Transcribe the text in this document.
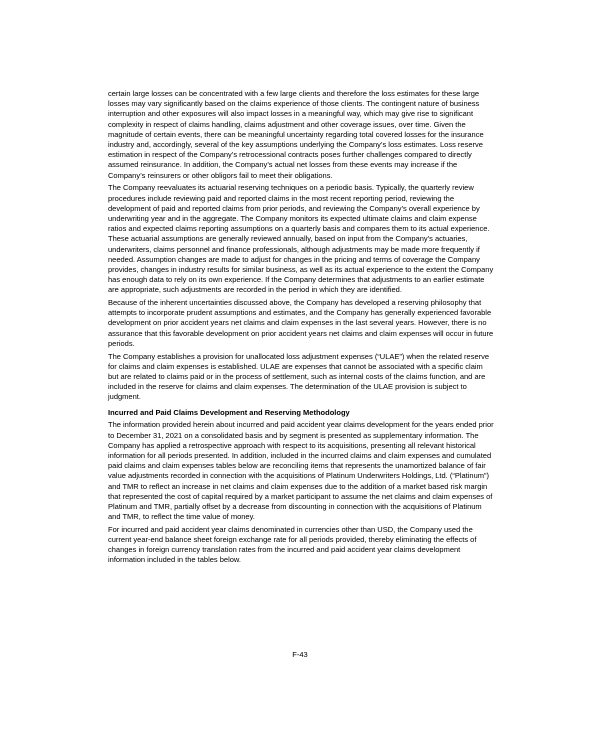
certain large losses can be concentrated with a few large clients and therefore the loss estimates for these large losses may vary significantly based on the claims experience of those clients. The contingent nature of business interruption and other exposures will also impact losses in a meaningful way, which may give rise to significant complexity in respect of claims handling, claims adjustment and other coverage issues, over time. Given the magnitude of certain events, there can be meaningful uncertainty regarding total covered losses for the insurance industry and, accordingly, several of the key assumptions underlying the Company’s loss estimates. Loss reserve estimation in respect of the Company’s retrocessional contracts poses further challenges compared to directly assumed reinsurance. In addition, the Company’s actual net losses from these events may increase if the Company’s reinsurers or other obligors fail to meet their obligations.

The Company reevaluates its actuarial reserving techniques on a periodic basis. Typically, the quarterly review procedures include reviewing paid and reported claims in the most recent reporting period, reviewing the development of paid and reported claims from prior periods, and reviewing the Company’s overall experience by underwriting year and in the aggregate. The Company monitors its expected ultimate claims and claim expense ratios and expected claims reporting assumptions on a quarterly basis and compares them to its actual experience. These actuarial assumptions are generally reviewed annually, based on input from the Company’s actuaries, underwriters, claims personnel and finance professionals, although adjustments may be made more frequently if needed. Assumption changes are made to adjust for changes in the pricing and terms of coverage the Company provides, changes in industry results for similar business, as well as its actual experience to the extent the Company has enough data to rely on its own experience. If the Company determines that adjustments to an earlier estimate are appropriate, such adjustments are recorded in the period in which they are identified.

Because of the inherent uncertainties discussed above, the Company has developed a reserving philosophy that attempts to incorporate prudent assumptions and estimates, and the Company has generally experienced favorable development on prior accident years net claims and claim expenses in the last several years. However, there is no assurance that this favorable development on prior accident years net claims and claim expenses will occur in future periods.

The Company establishes a provision for unallocated loss adjustment expenses (“ULAE”) when the related reserve for claims and claim expenses is established. ULAE are expenses that cannot be associated with a specific claim but are related to claims paid or in the process of settlement, such as internal costs of the claims function, and are included in the reserve for claims and claim expenses. The determination of the ULAE provision is subject to judgment.

Incurred and Paid Claims Development and Reserving Methodology

The information provided herein about incurred and paid accident year claims development for the years ended prior to December 31, 2021 on a consolidated basis and by segment is presented as supplementary information. The Company has applied a retrospective approach with respect to its acquisitions, presenting all relevant historical information for all periods presented. In addition, included in the incurred claims and claim expenses and cumulated paid claims and claim expenses tables below are reconciling items that represents the unamortized balance of fair value adjustments recorded in connection with the acquisitions of Platinum Underwriters Holdings, Ltd. (“Platinum”) and TMR to reflect an increase in net claims and claim expenses due to the addition of a market based risk margin that represented the cost of capital required by a market participant to assume the net claims and claim expenses of Platinum and TMR, partially offset by a decrease from discounting in connection with the acquisitions of Platinum and TMR, to reflect the time value of money.

For incurred and paid accident year claims denominated in currencies other than USD, the Company used the current year-end balance sheet foreign exchange rate for all periods provided, thereby eliminating the effects of changes in foreign currency translation rates from the incurred and paid accident year claims development information included in the tables below.

F-43
